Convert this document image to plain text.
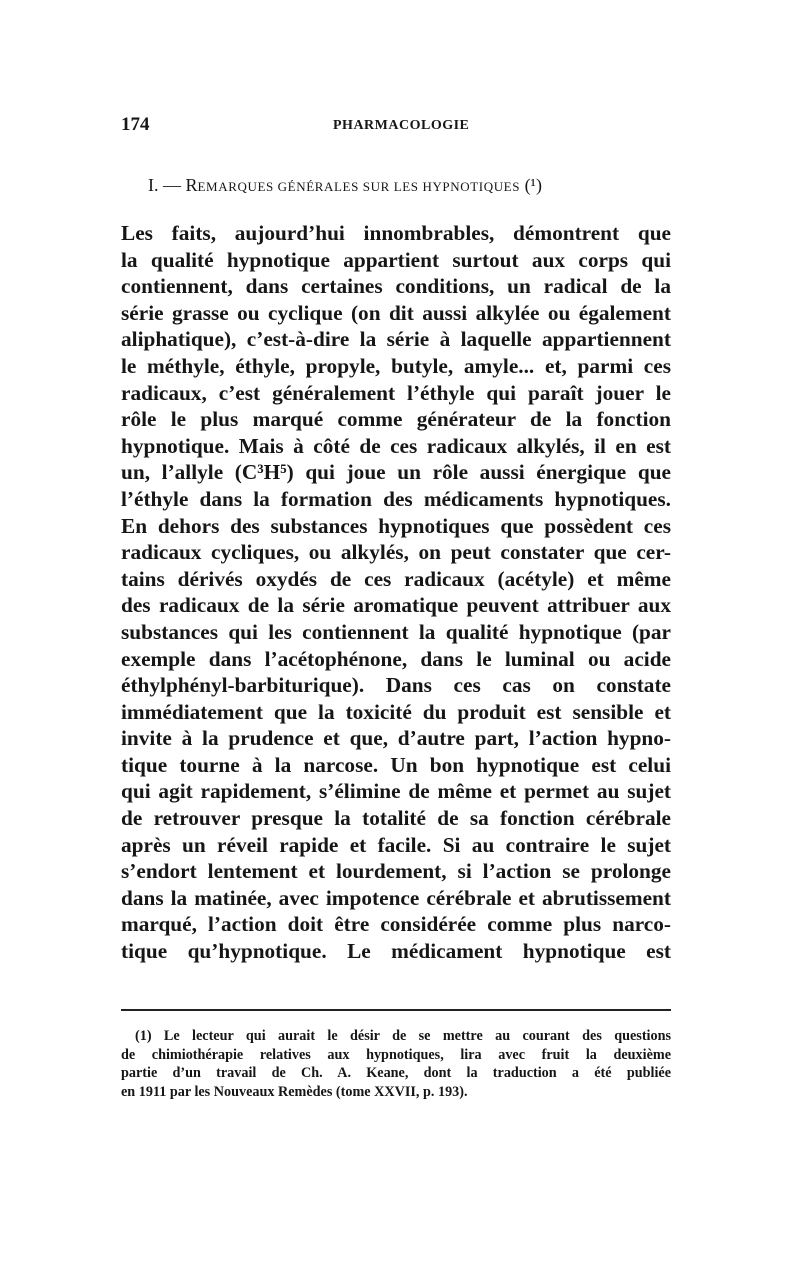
174	PHARMACOLOGIE
I. — REMARQUES GÉNÉRALES SUR LES HYPNOTIQUES (¹)
Les faits, aujourd’hui innombrables, démontrent que
la qualité hypnotique appartient surtout aux corps qui
contiennent, dans certaines conditions, un radical de la
série grasse ou cyclique (on dit aussi alkylée ou également
aliphatique), c’est-à-dire la série à laquelle appartiennent
le méthyle, éthyle, propyle, butyle, amyle... et, parmi ces
radicaux, c’est généralement l’éthyle qui paraît jouer le
rôle le plus marqué comme générateur de la fonction
hypnotique. Mais à côté de ces radicaux alkylés, il en est
un, l’allyle (C³H⁵) qui joue un rôle aussi énergique que
l’éthyle dans la formation des médicaments hypnotiques.
En dehors des substances hypnotiques que possèdent ces
radicaux cycliques, ou alkylés, on peut constater que cer-
tains dérivés oxydés de ces radicaux (acétyle) et même
des radicaux de la série aromatique peuvent attribuer aux
substances qui les contiennent la qualité hypnotique (par
exemple dans l’acétophénone, dans le luminal ou acide
éthylphényl-barbiturique). Dans ces cas on constate
immédiatement que la toxicité du produit est sensible et
invite à la prudence et que, d’autre part, l’action hypno-
tique tourne à la narcose. Un bon hypnotique est celui
qui agit rapidement, s’élimine de même et permet au sujet
de retrouver presque la totalité de sa fonction cérébrale
après un réveil rapide et facile. Si au contraire le sujet
s’endort lentement et lourdement, si l’action se prolonge
dans la matinée, avec impotence cérébrale et abrutissement
marqué, l’action doit être considérée comme plus narco-
tique qu’hypnotique. Le médicament hypnotique est
(1) Le lecteur qui aurait le désir de se mettre au courant des questions
de chimiothérapie relatives aux hypnotiques, lira avec fruit la deuxième
partie d’un travail de Ch. A. Keane, dont la traduction a été publiée
en 1911 par les Nouveaux Remèdes (tome XXVII, p. 193).
